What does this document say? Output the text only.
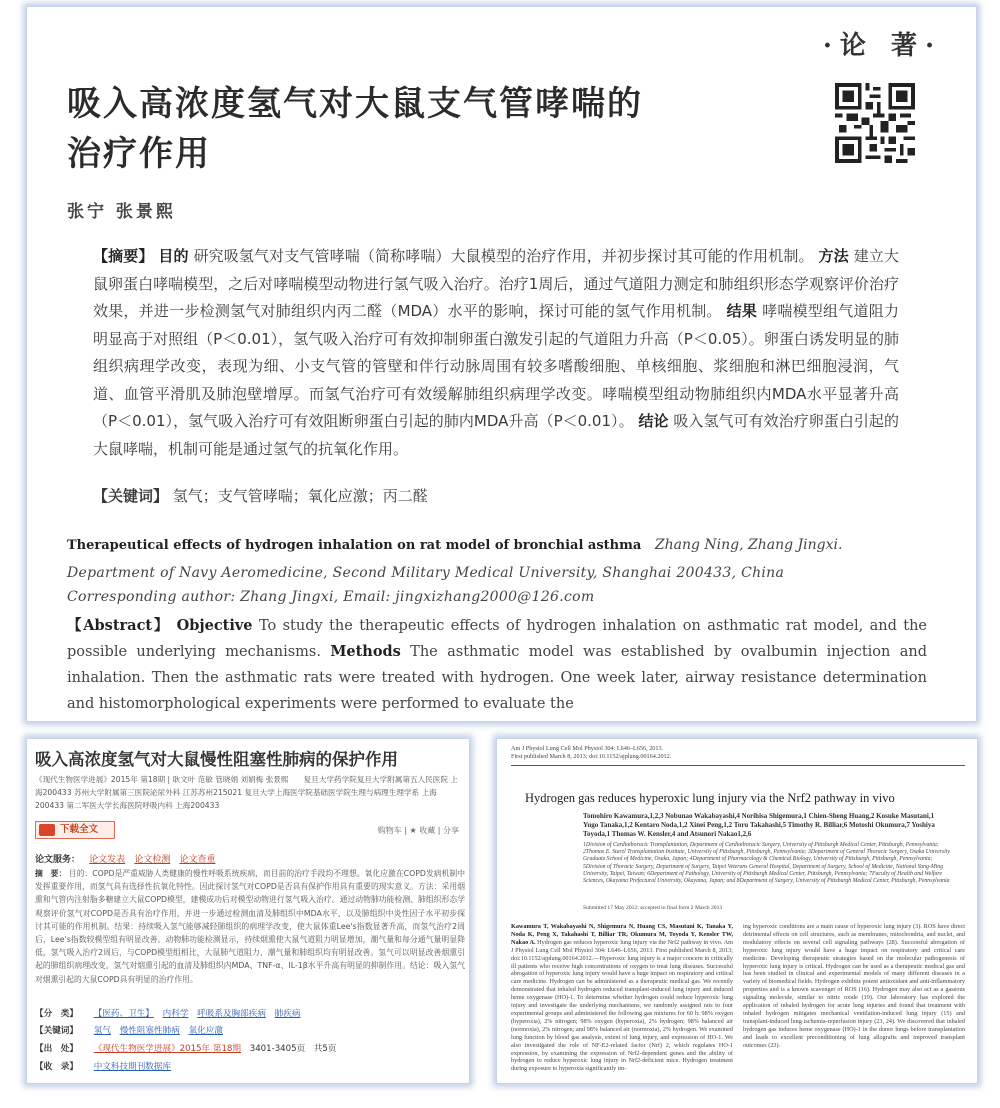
·论 著·
吸入高浓度氢气对大鼠支气管哮喘的
治疗作用
张宁 张景熙
【摘要】 目的 研究吸氢气对支气管哮喘（简称哮喘）大鼠模型的治疗作用，并初步探讨其可能的作用机制。 方法 建立大鼠卵蛋白哮喘模型，之后对哮喘模型动物进行氢气吸入治疗。治疗1周后，通过气道阻力测定和肺组织形态学观察评价治疗效果，并进一步检测氢气对肺组织内丙二醛（MDA）水平的影响，探讨可能的氢气作用机制。 结果 哮喘模型组气道阻力明显高于对照组（P＜0.01），氢气吸入治疗可有效抑制卵蛋白激发引起的气道阻力升高（P＜0.05）。卵蛋白诱发明显的肺组织病理学改变，表现为细、小支气管的管壁和伴行动脉周围有较多嗜酸细胞、单核细胞、浆细胞和淋巴细胞浸润，气道、血管平滑肌及肺泡壁增厚。而氢气治疗可有效缓解肺组织病理学改变。哮喘模型组动物肺组织内MDA水平显著升高（P＜0.01），氢气吸入治疗可有效阻断卵蛋白引起的肺内MDA升高（P＜0.01）。 结论 吸入氢气可有效治疗卵蛋白引起的大鼠哮喘，机制可能是通过氢气的抗氧化作用。
【关键词】 氢气；支气管哮喘；氧化应激；丙二醛
Therapeutical effects of hydrogen inhalation on rat model of bronchial asthma Zhang Ning, Zhang Jingxi.
Department of Navy Aeromedicine, Second Military Medical University, Shanghai 200433, China
Corresponding author: Zhang Jingxi, Email: jingxizhang2000@126.com
【Abstract】 Objective To study the therapeutic effects of hydrogen inhalation on asthmatic rat model, and the possible underlying mechanisms. Methods The asthmatic model was established by ovalbumin injection and inhalation. Then the asthmatic rats were treated with hydrogen. One week later, airway resistance determination and histomorphological experiments were performed to evaluate the
吸入高浓度氢气对大鼠慢性阻塞性肺病的保护作用
《现代生物医学进展》2015年 第18期 | 耿文叶 范敏 管晓娟 刘娟梅 张景熙　　复旦大学药学院复旦大学附属第五人民医院 上海200433 苏州大学附属第三医院泌尿外科 江苏苏州215021 复旦大学上海医学院基础医学院生理与病理生理学系 上海200433 第二军医大学长海医院呼吸内科 上海200433
下载全文	购物车 | ★ 收藏 | 分享
论文服务： 论文发表 论文检测 论文查重
摘　要： 目的：COPD是严重威胁人类健康的慢性呼吸系统疾病，而目前的治疗手段均不理想。氧化应激在COPD发病机制中发挥重要作用，而氢气具有选择性抗氧化特性。因此探讨氢气对COPD是否具有保护作用具有重要的现实意义。方法：采用烟熏和气管内注射脂多糖建立大鼠COPD模型，建模成功后对模型动物进行氢气吸入治疗。通过动物肺功能检测、肺组织形态学观察评价氢气对COPD是否具有治疗作用，并进一步通过检测血清及肺组织中MDA水平，以及肺组织中炎性因子水平初步探讨其可能的作用机制。结果：持续吸入氢气能够减轻肺组织的病理学改变，使大鼠体重Lee's指数显著升高，而氢气治疗2周后，Lee's指数较模型组有明显改善。动物肺功能检测显示，持续烟熏使大鼠气道阻力明显增加，潮气量和每分通气量明显降低，氢气吸入治疗2周后，与COPD模型组相比，大鼠肺气道阻力、潮气量和肺组织均有明显改善。氢气可以明显改善烟熏引起的肺组织病理改变。氢气对烟熏引起的血清及肺组织内MDA、TNF-α、IL-1β水平升高有明显的抑制作用。结论：吸入氢气对烟熏引起的大鼠COPD具有明显的治疗作用。
【分　类】 【医药、卫生】 内科学 呼吸系及胸部疾病 肺疾病
【关键词】 氢气 慢性阻塞性肺病 氧化应激
【出　处】 《现代生物医学进展》2015年 第18期 3401-3405页　共5页
【收　录】 中文科技期刊数据库
Am J Physiol Lung Cell Mol Physiol 304: L646–L656, 2013.
First published March 8, 2013; doi:10.1152/ajplung.00164.2012.
Hydrogen gas reduces hyperoxic lung injury via the Nrf2 pathway in vivo
Tomohiro Kawamura,1,2,3 Nobunao Wakabayashi,4 Norihisa Shigemura,1 Chien-Sheng Huang,2 Kosuke Masutani,1 Yugo Tanaka,1,2 Kentaro Noda,1,2 Xinei Peng,1,2 Toru Takahashi,5 Timothy R. Billiar,6 Motoshi Okumura,7 Yoshiya Toyoda,1 Thomas W. Kensler,4 and Atsunori Nakao1,2,6
1Division of Cardiothoracic Transplantation, Department of Cardiothoracic Surgery, University of Pittsburgh Medical Center, Pittsburgh, Pennsylvania; 2Thomas E. Starzl Transplantation Institute, University of Pittsburgh, Pittsburgh, Pennsylvania; 3Department of General Thoracic Surgery, Osaka University Graduate School of Medicine, Osaka, Japan; 4Department of Pharmacology & Chemical Biology, University of Pittsburgh, Pittsburgh, Pennsylvania; 5Division of Thoracic Surgery, Department of Surgery, Taipei Veterans General Hospital, Department of Surgery, School of Medicine, National Yang-Ming University, Taipei, Taiwan; 6Department of Pathology, University of Pittsburgh Medical Center, Pittsburgh, Pennsylvania; 7Faculty of Health and Welfare Sciences, Okayama Prefectural University, Okayama, Japan; and 8Department of Surgery, University of Pittsburgh Medical Center, Pittsburgh, Pennsylvania
Submitted 17 May 2012; accepted in final form 2 March 2013
Kawamura T, Wakabayashi N, Shigemura N, Huang CS, Masutani K, Tanaka Y, Noda K, Peng X, Takahashi T, Billiar TR, Okumura M, Toyoda Y, Kensler TW, Nakao A. Hydrogen gas reduces hyperoxic lung injury via the Nrf2 pathway in vivo. Am J Physiol Lung Cell Mol Physiol 304: L646–L656, 2013. First published March 8, 2013; doi:10.1152/ajplung.00164.2012.—Hyperoxic lung injury is a major concern in critically ill patients who receive high concentrations of oxygen to treat lung diseases. Successful abrogation of hyperoxic lung injury would have a huge impact on respiratory and critical care medicine. Hydrogen can be administered as a therapeutic medical gas. We recently demonstrated that inhaled hydrogen reduced transplant-induced lung injury and induced heme oxygenase (HO)-1. To determine whether hydrogen could reduce hyperoxic lung injury and investigate the underlying mechanisms, we randomly assigned rats to four experimental groups and administered the following gas mixtures for 60 h: 98% oxygen (hyperoxia), 2% nitrogen; 98% oxygen (hyperoxia), 2% hydrogen; 98% balanced air (normoxia), 2% nitrogen; and 98% balanced air (normoxia), 2% hydrogen. We examined lung function by blood gas analysis, extent of lung injury, and expression of HO-1. We also investigated the role of NF-E2-related factor (Nrf) 2, which regulates HO-1 expression, by examining the expression of Nrf2-dependent genes and the ability of hydrogen to reduce hyperoxic lung injury in Nrf2-deficient mice. Hydrogen treatment during exposure to hyperoxia significantly im-
ing hyperoxic conditions are a main cause of hyperoxic lung injury (3). ROS have direct detrimental effects on cell structures, such as membranes, mitochondria, and nuclei, and modulatory effects on several cell signaling pathways (28). Successful abrogation of hyperoxic lung injury would have a huge impact on respiratory and critical care medicine. Developing therapeutic strategies based on the molecular pathogenesis of hyperoxic lung injury is critical. Hydrogen can be used as a therapeutic medical gas and has been studied in clinical and experimental models of many different diseases in a variety of biomedical fields. Hydrogen exhibits potent antioxidant and anti-inflammatory properties and is a known scavenger of ROS (16). Hydrogen may also act as a gaseous signaling molecule, similar to nitric oxide (19). Our laboratory has explored the application of inhaled hydrogen for acute lung injuries and found that treatment with inhaled hydrogen mitigates mechanical ventilation-induced lung injury (15) and transplant-induced lung ischemia-reperfusion injury (23, 24). We discovered that inhaled hydrogen gas induces heme oxygenase (HO)-1 in the donor lungs before transplantation and leads to excellent preconditioning of lung allografts and improved transplant outcomes (23).
